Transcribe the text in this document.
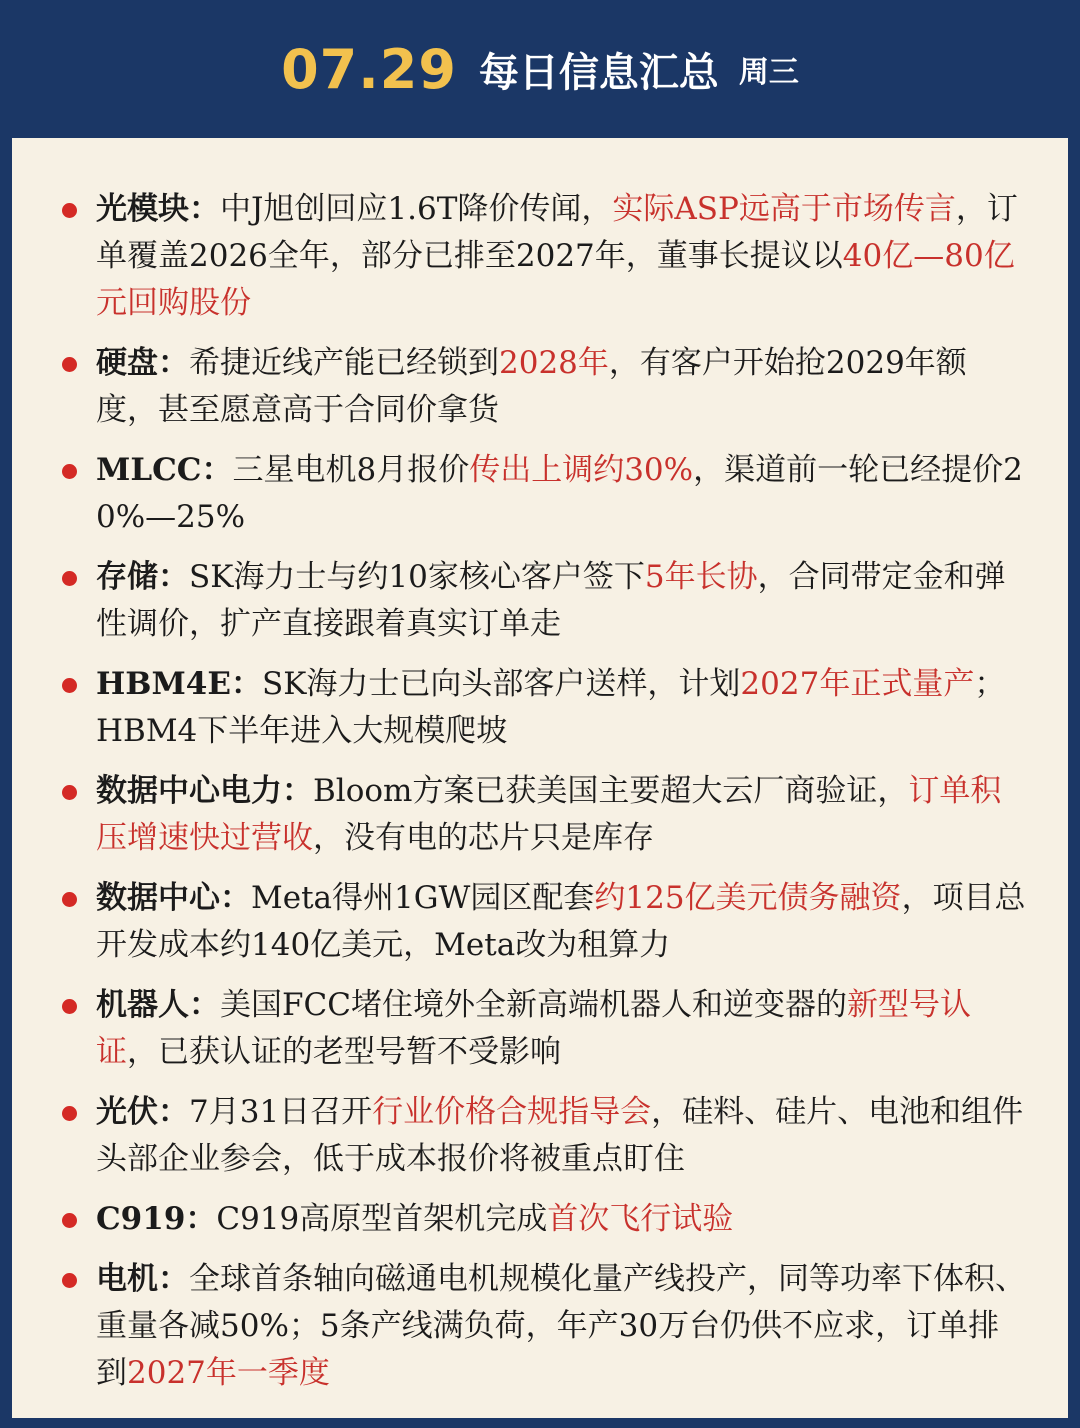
07.29 每日信息汇总 周三
光模块：中J旭创回应1.6T降价传闻，实际ASP远高于市场传言，订单覆盖2026全年，部分已排至2027年，董事长提议以40亿—80亿元回购股份
硬盘：希捷近线产能已经锁到2028年，有客户开始抢2029年额度，甚至愿意高于合同价拿货
MLCC：三星电机8月报价传出上调约30%，渠道前一轮已经提价20%—25%
存储：SK海力士与约10家核心客户签下5年长协，合同带定金和弹性调价，扩产直接跟着真实订单走
HBM4E：SK海力士已向头部客户送样，计划2027年正式量产；HBM4下半年进入大规模爬坡
数据中心电力：Bloom方案已获美国主要超大云厂商验证，订单积压增速快过营收，没有电的芯片只是库存
数据中心：Meta得州1GW园区配套约125亿美元债务融资，项目总开发成本约140亿美元，Meta改为租算力
机器人：美国FCC堵住境外全新高端机器人和逆变器的新型号认证，已获认证的老型号暂不受影响
光伏：7月31日召开行业价格合规指导会，硅料、硅片、电池和组件头部企业参会，低于成本报价将被重点盯住
C919：C919高原型首架机完成首次飞行试验
电机：全球首条轴向磁通电机规模化量产线投产，同等功率下体积、重量各减50%；5条产线满负荷，年产30万台仍供不应求，订单排到2027年一季度
